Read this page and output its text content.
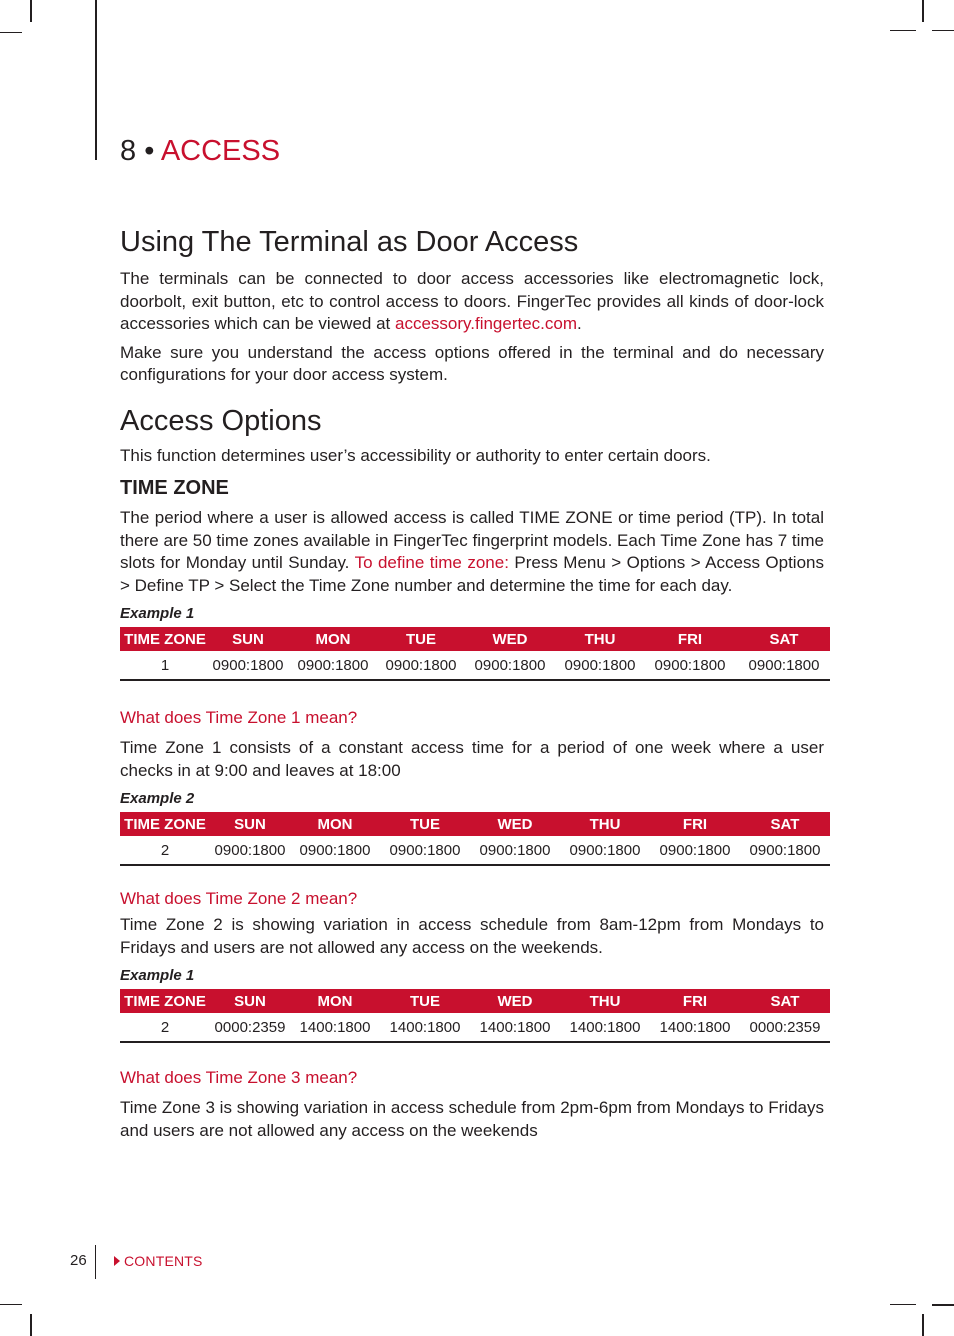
8 • ACCESS
Using The Terminal as Door Access

The terminals can be connected to door access accessories like electromagnetic lock, doorbolt, exit button, etc to control access to doors. FingerTec provides all kinds of door-lock accessories which can be viewed at accessory.fingertec.com.

Make sure you understand the access options offered in the terminal and do necessary configurations for your door access system.

Access Options

This function determines user’s accessibility or authority to enter certain doors.

TIME ZONE

The period where a user is allowed access is called TIME ZONE or time period (TP). In total there are 50 time zones available in FingerTec fingerprint models. Each Time Zone has 7 time slots for Monday until Sunday. To define time zone: Press Menu > Options > Access Options > Define TP > Select the Time Zone number and determine the time for each day.

Example 1
TIME ZONE	SUN	MON	TUE	WED	THU	FRI	SAT
1	0900:1800	0900:1800	0900:1800	0900:1800	0900:1800	0900:1800	0900:1800
What does Time Zone 1 mean?

Time Zone 1 consists of a constant access time for a period of one week where a user checks in at 9:00 and leaves at 18:00

Example 2
TIME ZONE	SUN	MON	TUE	WED	THU	FRI	SAT
2	0900:1800	0900:1800	0900:1800	0900:1800	0900:1800	0900:1800	0900:1800
What does Time Zone 2 mean?

Time Zone 2 is showing variation in access schedule from 8am-12pm from Mondays to Fridays and users are not allowed any access on the weekends.

Example 1
TIME ZONE	SUN	MON	TUE	WED	THU	FRI	SAT
2	0000:2359	1400:1800	1400:1800	1400:1800	1400:1800	1400:1800	0000:2359
What does Time Zone 3 mean?

Time Zone 3 is showing variation in access schedule from 2pm-6pm from Mondays to Fridays and users are not allowed any access on the weekends

26	CONTENTS
